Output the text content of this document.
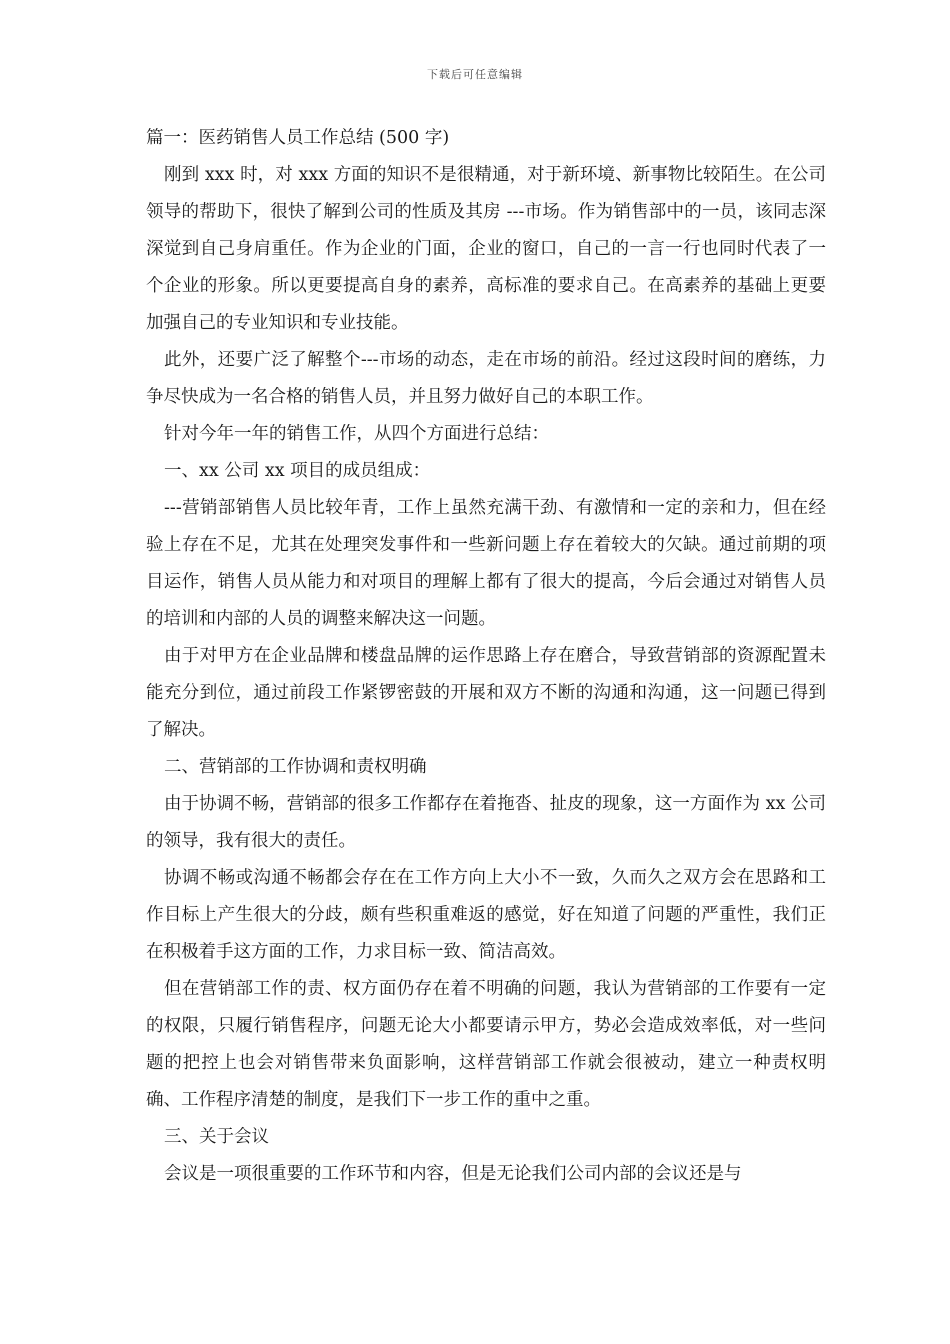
下载后可任意编辑
篇一：医药销售人员工作总结 (500 字)

刚到 xxx 时，对 xxx 方面的知识不是很精通，对于新环境、新事物比较陌生。在公司领导的帮助下，很快了解到公司的性质及其房 ---市场。作为销售部中的一员，该同志深深觉到自己身肩重任。作为企业的门面，企业的窗口，自己的一言一行也同时代表了一个企业的形象。所以更要提高自身的素养，高标准的要求自己。在高素养的基础上更要加强自己的专业知识和专业技能。

此外，还要广泛了解整个---市场的动态，走在市场的前沿。经过这段时间的磨练，力争尽快成为一名合格的销售人员，并且努力做好自己的本职工作。

针对今年一年的销售工作，从四个方面进行总结：

一、xx 公司 xx 项目的成员组成：

---营销部销售人员比较年青，工作上虽然充满干劲、有激情和一定的亲和力，但在经验上存在不足，尤其在处理突发事件和一些新问题上存在着较大的欠缺。通过前期的项目运作，销售人员从能力和对项目的理解上都有了很大的提高，今后会通过对销售人员的培训和内部的人员的调整来解决这一问题。

由于对甲方在企业品牌和楼盘品牌的运作思路上存在磨合，导致营销部的资源配置未能充分到位，通过前段工作紧锣密鼓的开展和双方不断的沟通和沟通，这一问题已得到了解决。

二、营销部的工作协调和责权明确

由于协调不畅，营销部的很多工作都存在着拖沓、扯皮的现象，这一方面作为 xx 公司的领导，我有很大的责任。

协调不畅或沟通不畅都会存在在工作方向上大小不一致，久而久之双方会在思路和工作目标上产生很大的分歧，颇有些积重难返的感觉，好在知道了问题的严重性，我们正在积极着手这方面的工作，力求目标一致、简洁高效。

但在营销部工作的责、权方面仍存在着不明确的问题，我认为营销部的工作要有一定的权限，只履行销售程序，问题无论大小都要请示甲方，势必会造成效率低，对一些问题的把控上也会对销售带来负面影响，这样营销部工作就会很被动，建立一种责权明确、工作程序清楚的制度，是我们下一步工作的重中之重。

三、关于会议

会议是一项很重要的工作环节和内容，但是无论我们公司内部的会议还是与
